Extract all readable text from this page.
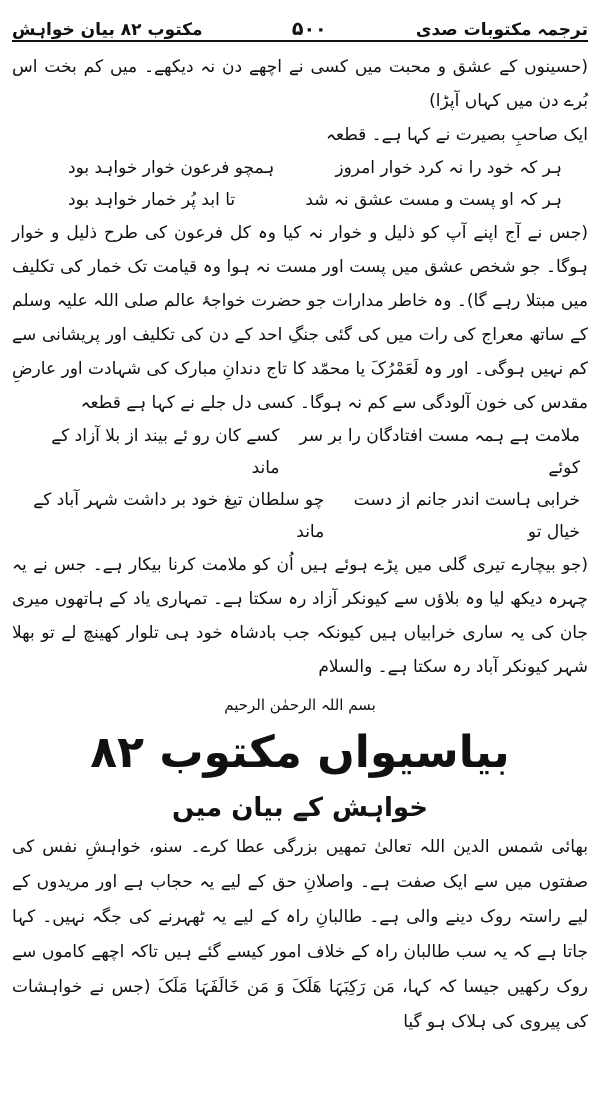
ترجمہ مکتوبات صدی
۵۰۰
مکتوب ۸۲ بیان خواہش

(حسینوں کے عشق و محبت میں کسی نے اچھے دن نہ دیکھے۔ میں کم بخت اس بُرے دن میں کہاں آپڑا)

ایک صاحبِ بصیرت نے کہا ہے۔ قطعہ

ہر کہ خود را نہ کرد خوار امروز
ہمچو فرعون خوار خواہد بود
ہر کہ او پست و مست عشق نہ شد
تا ابد پُر خمار خواہد بود

(جس نے آج اپنے آپ کو ذلیل و خوار نہ کیا وہ کل فرعون کی طرح ذلیل و خوار ہوگا۔ جو شخص عشق میں پست اور مست نہ ہوا وہ قیامت تک خمار کی تکلیف میں مبتلا رہے گا)۔ وہ خاطر مدارات جو حضرت خواجۂ عالم صلی اللہ علیہ وسلم کے ساتھ معراج کی رات میں کی گئی جنگِ احد کے دن کی تکلیف اور پریشانی سے کم نہیں ہوگی۔ اور وہ لَعَمْرُکَ یا محمّد کا تاج دندانِ مبارک کی شہادت اور عارضِ مقدس کی خون آلودگی سے کم نہ ہوگا۔ کسی دل جلے نے کہا ہے قطعہ

ملامت ہے ہمہ مست افتادگان را بر سر کوئے
کسے کان رو ئے بیند از بلا آزاد کے ماند
خرابی ہاست اندر جانم از دست خیال تو
چو سلطان تیغ خود بر داشت شہر آباد کے ماند

(جو بیچارے تیری گلی میں پڑے ہوئے ہیں اُن کو ملامت کرنا بیکار ہے۔ جس نے یہ چہرہ دیکھ لیا وہ بلاؤں سے کیونکر آزاد رہ سکتا ہے۔ تمہاری یاد کے ہاتھوں میری جان کی یہ ساری خرابیاں ہیں کیونکہ جب بادشاہ خود ہی تلوار کھینچ لے تو بھلا شہر کیونکر آباد رہ سکتا ہے۔ والسلام

بسم اللہ الرحمٰن الرحیم
بیاسیواں مکتوب ۸۲
خواہش کے بیان میں

بھائی شمس الدین اللہ تعالیٰ تمھیں بزرگی عطا کرے۔ سنو، خواہشِ نفس کی صفتوں میں سے ایک صفت ہے۔ واصلانِ حق کے لیے یہ حجاب ہے اور مریدوں کے لیے راستہ روک دینے والی ہے۔ طالبانِ راہ کے لیے یہ ٹھہرنے کی جگہ نہیں۔ کہا جاتا ہے کہ یہ سب طالبان راہ کے خلاف امور کیسے گئے ہیں تاکہ اچھے کاموں سے روک رکھیں جیسا کہ کہا، مَن رَکِبَہَا ھَلَکَ وَ مَن خَالَفَہَا مَلَکَ (جس نے خواہشات کی پیروی کی ہلاک ہو گیا
